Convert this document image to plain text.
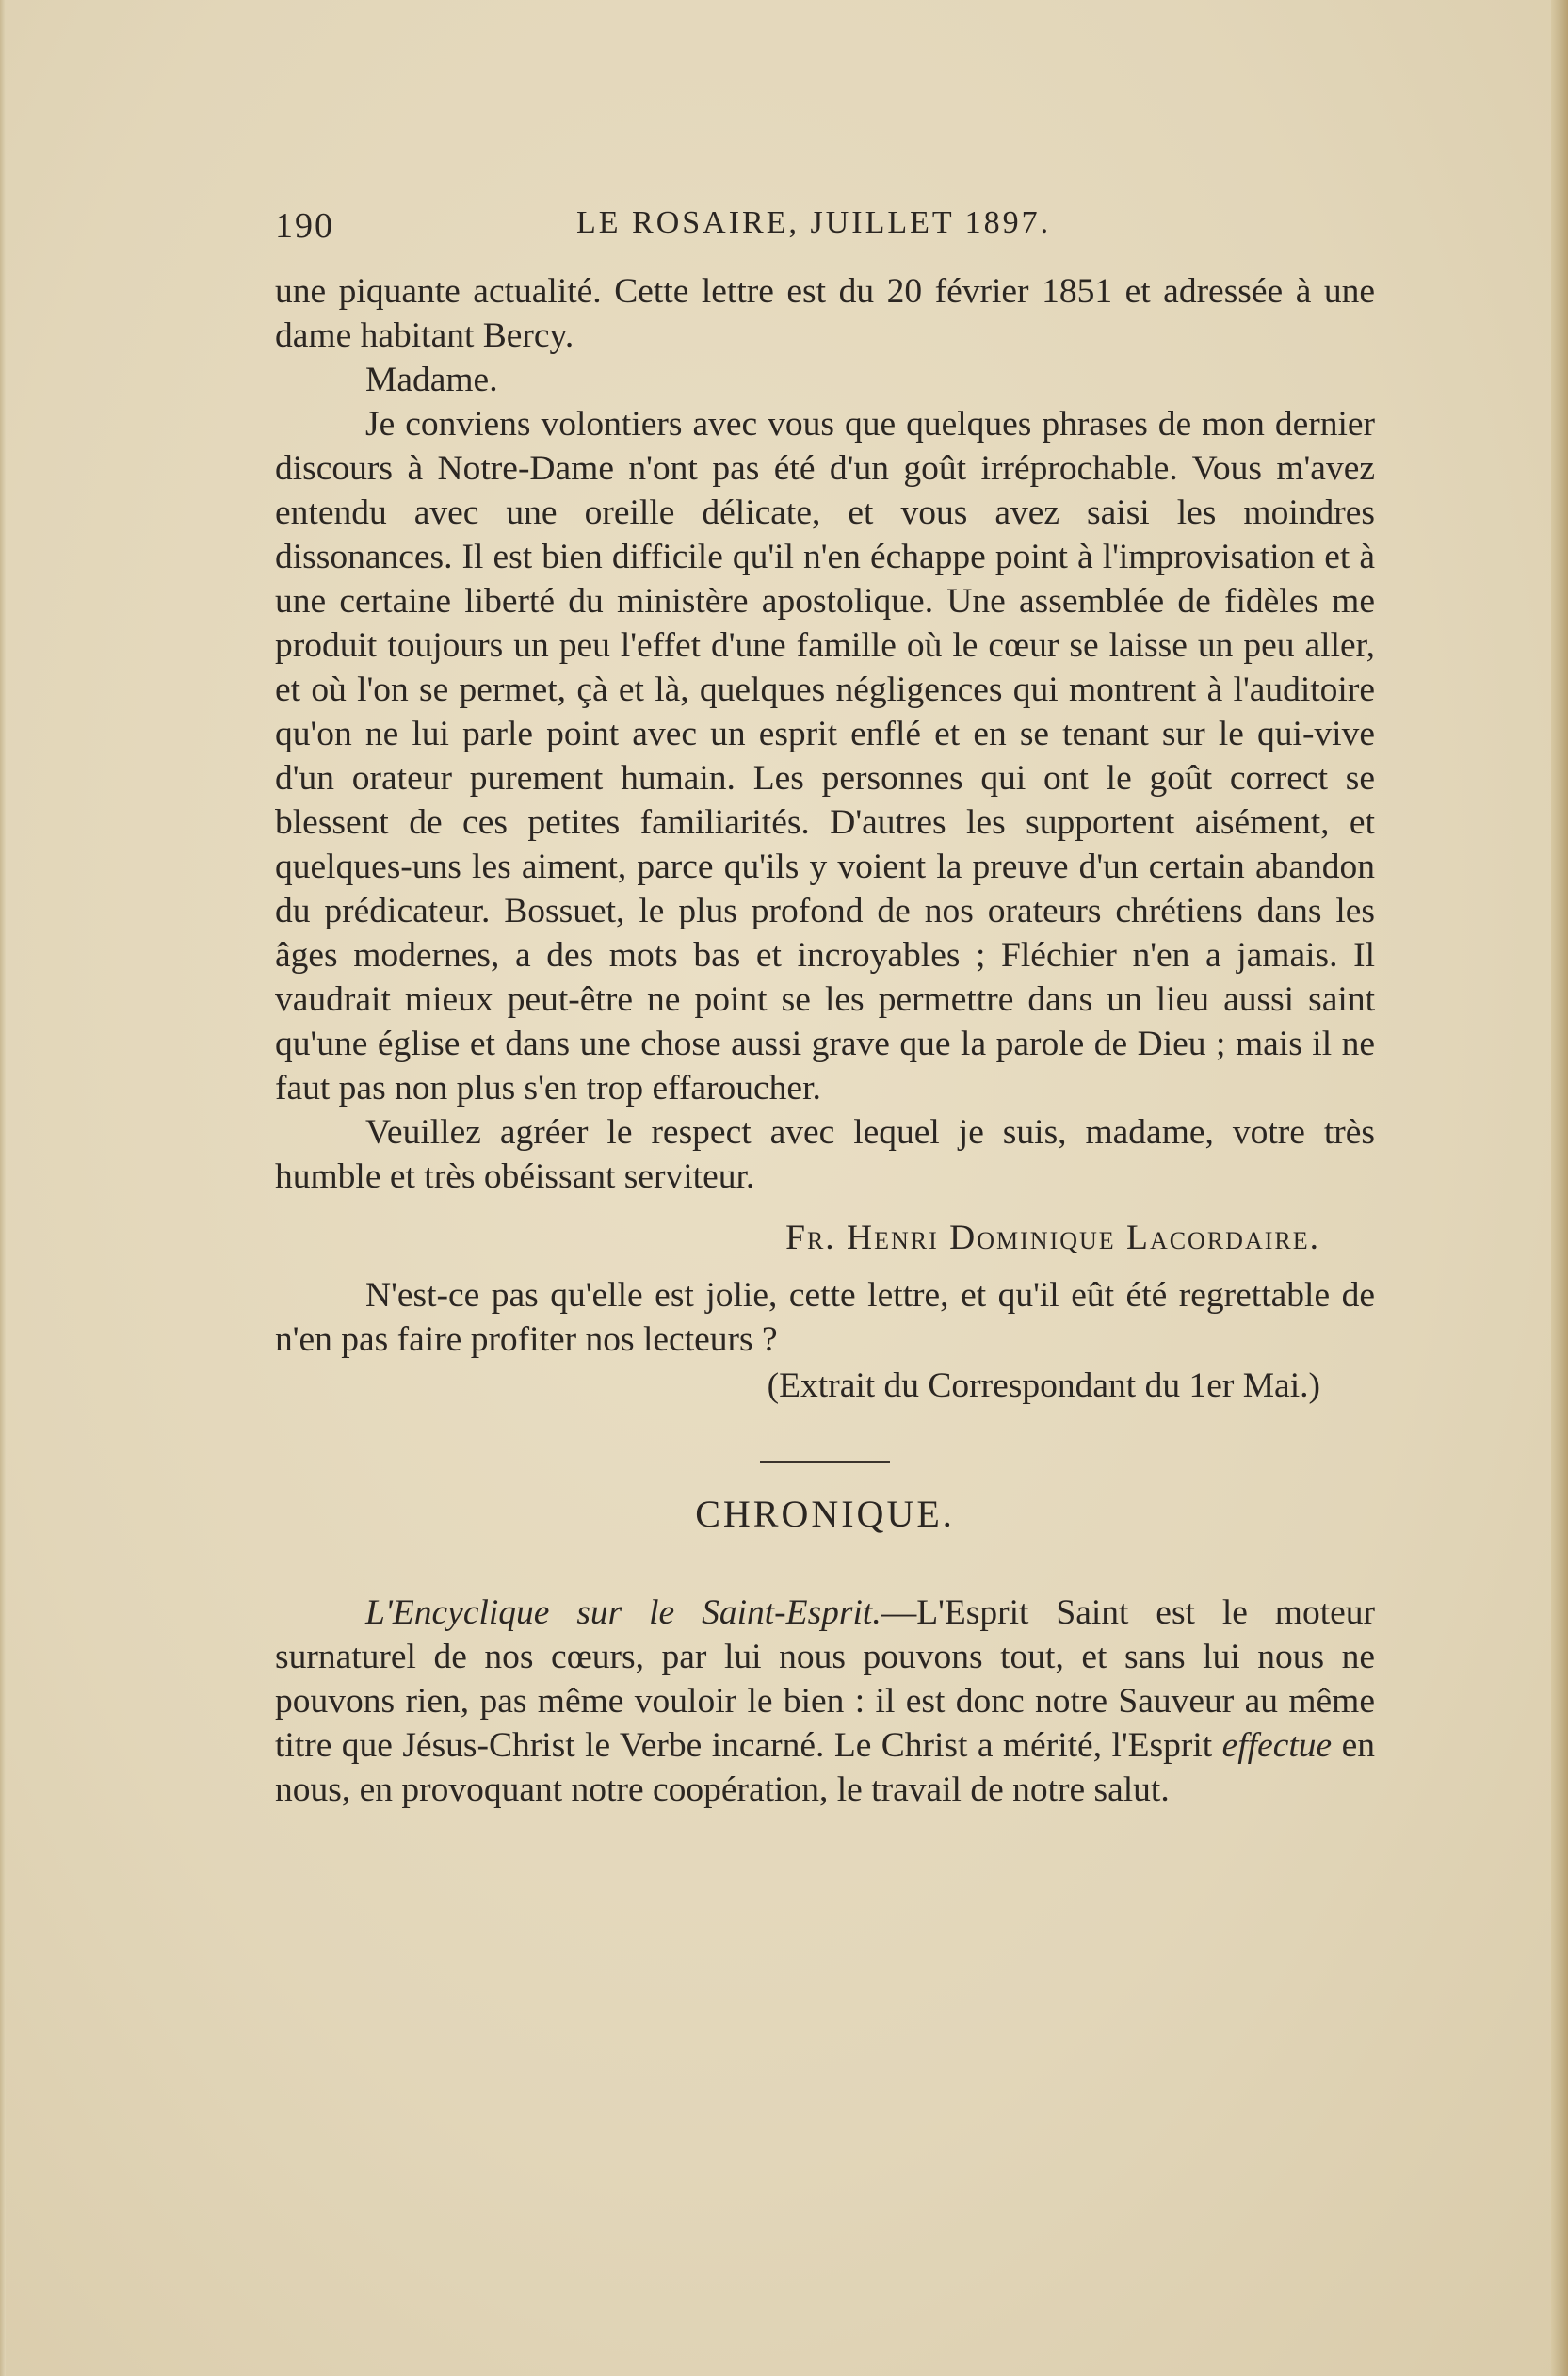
190	LE ROSAIRE, JUILLET 1897.

une piquante actualité. Cette lettre est du 20 février 1851 et adressée à une dame habitant Bercy.

Madame.

Je conviens volontiers avec vous que quelques phrases de mon dernier discours à Notre-Dame n'ont pas été d'un goût irréprochable. Vous m'avez entendu avec une oreille délicate, et vous avez saisi les moindres dissonances. Il est bien difficile qu'il n'en échappe point à l'improvisation et à une certaine liberté du ministère apostolique. Une assemblée de fidèles me produit toujours un peu l'effet d'une famille où le cœur se laisse un peu aller, et où l'on se permet, çà et là, quelques négligences qui montrent à l'auditoire qu'on ne lui parle point avec un esprit enflé et en se tenant sur le qui-vive d'un orateur purement humain. Les personnes qui ont le goût correct se blessent de ces petites familiarités. D'autres les supportent aisément, et quelques-uns les aiment, parce qu'ils y voient la preuve d'un certain abandon du prédicateur. Bossuet, le plus profond de nos orateurs chrétiens dans les âges modernes, a des mots bas et incroyables ; Fléchier n'en a jamais. Il vaudrait mieux peut-être ne point se les permettre dans un lieu aussi saint qu'une église et dans une chose aussi grave que la parole de Dieu ; mais il ne faut pas non plus s'en trop effaroucher.

Veuillez agréer le respect avec lequel je suis, madame, votre très humble et très obéissant serviteur.

Fr. Henri Dominique Lacordaire.

N'est-ce pas qu'elle est jolie, cette lettre, et qu'il eût été regrettable de n'en pas faire profiter nos lecteurs ?

(Extrait du Correspondant du 1er Mai.)

CHRONIQUE.

L'Encyclique sur le Saint-Esprit.—L'Esprit Saint est le moteur surnaturel de nos cœurs, par lui nous pouvons tout, et sans lui nous ne pouvons rien, pas même vouloir le bien : il est donc notre Sauveur au même titre que Jésus-Christ le Verbe incarné. Le Christ a mérité, l'Esprit effectue en nous, en provoquant notre coopération, le travail de notre salut.
